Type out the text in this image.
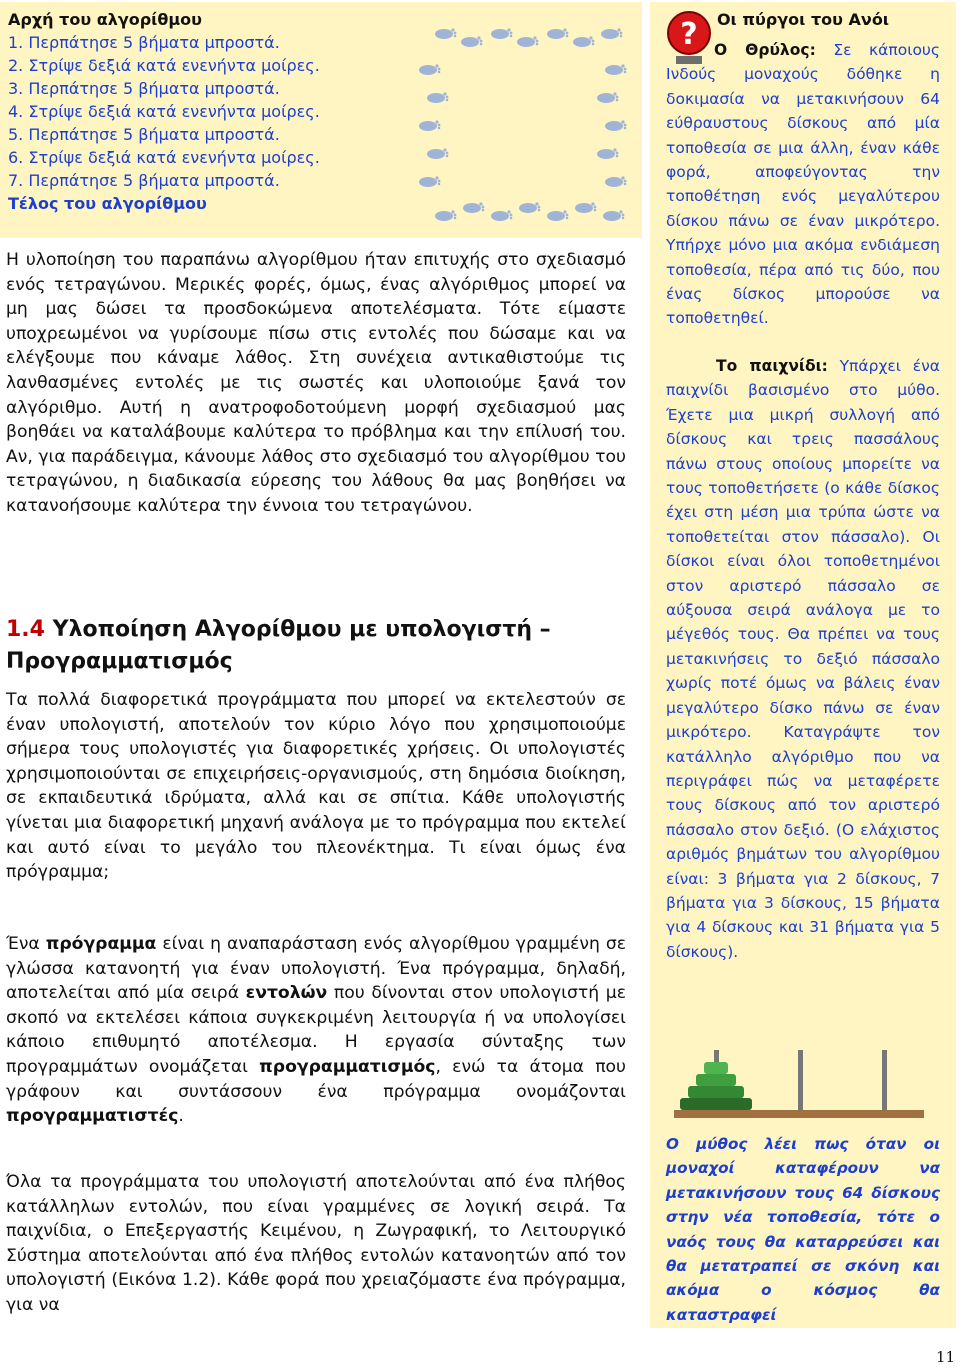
Αρχή του αλγορίθμου
1. Περπάτησε 5 βήματα μπροστά.
2. Στρίψε δεξιά κατά ενενήντα μοίρες.
3. Περπάτησε 5 βήματα μπροστά.
4. Στρίψε δεξιά κατά ενενήντα μοίρες.
5. Περπάτησε 5 βήματα μπροστά.
6. Στρίψε δεξιά κατά ενενήντα μοίρες.
7. Περπάτησε 5 βήματα μπροστά.
Τέλος του αλγορίθμου
Η υλοποίηση του παραπάνω αλγορίθμου ήταν επιτυχής στο σχεδιασμό ενός τετραγώνου. Μερικές φορές, όμως, ένας αλγόριθμος μπορεί να μη μας δώσει τα προσδοκώμενα αποτελέσματα. Τότε είμαστε υποχρεωμένοι να γυρίσουμε πίσω στις εντολές που δώσαμε και να ελέγξουμε που κάναμε λάθος. Στη συνέχεια αντικαθιστούμε τις λανθασμένες εντολές με τις σωστές και υλοποιούμε ξανά τον αλγόριθμο. Αυτή η ανατροφοδοτούμενη μορφή σχεδιασμού μας βοηθάει να καταλάβουμε καλύτερα το πρόβλημα και την επίλυσή του. Αν, για παράδειγμα, κάνουμε λάθος στο σχεδιασμό του αλγορίθμου του τετραγώνου, η διαδικασία εύρεσης του λάθους θα μας βοηθήσει να κατανοήσουμε καλύτερα την έννοια του τετραγώνου.
1.4 Υλοποίηση Αλγορίθμου με υπολογιστή – Προγραμματισμός
Τα πολλά διαφορετικά προγράμματα που μπορεί να εκτελεστούν σε έναν υπολογιστή, αποτελούν τον κύριο λόγο που χρησιμοποιούμε σήμερα τους υπολογιστές για διαφορετικές χρήσεις. Οι υπολογιστές χρησιμοποιούνται σε επιχειρήσεις-οργανισμούς, στη δημόσια διοίκηση, σε εκπαιδευτικά ιδρύματα, αλλά και σε σπίτια. Κάθε υπολογιστής γίνεται μια διαφορετική μηχανή ανάλογα με το πρόγραμμα που εκτελεί και αυτό είναι το μεγάλο του πλεονέκτημα. Τι είναι όμως ένα πρόγραμμα;
Ένα πρόγραμμα είναι η αναπαράσταση ενός αλγορίθμου γραμμένη σε γλώσσα κατανοητή για έναν υπολογιστή. Ένα πρόγραμμα, δηλαδή, αποτελείται από μία σειρά εντολών που δίνονται στον υπολογιστή με σκοπό να εκτελέσει κάποια συγκεκριμένη λειτουργία ή να υπολογίσει κάποιο επιθυμητό αποτέλεσμα. Η εργασία σύνταξης των προγραμμάτων ονομάζεται προγραμματισμός, ενώ τα άτομα που γράφουν και συντάσσουν ένα πρόγραμμα ονομάζονται προγραμματιστές.
Όλα τα προγράμματα του υπολογιστή αποτελούνται από ένα πλήθος κατάλληλων εντολών, που είναι γραμμένες σε λογική σειρά. Τα παιχνίδια, ο Επεξεργαστής Κειμένου, η Ζωγραφική, το Λειτουργικό Σύστημα αποτελούνται από ένα πλήθος εντολών κατανοητών από τον υπολογιστή (Εικόνα 1.2). Κάθε φορά που χρειαζόμαστε ένα πρόγραμμα, για να
?	Οι πύργοι του Ανόι
Ο Θρύλος: Σε κάποιους Ινδούς μοναχούς δόθηκε η δοκιμασία να μετακινήσουν 64 εύθραυστους δίσκους από μία τοποθεσία σε μια άλλη, έναν κάθε φορά, αποφεύγοντας την τοποθέτηση ενός μεγαλύτερου δίσκου πάνω σε έναν μικρότερο. Υπήρχε μόνο μια ακόμα ενδιάμεση τοποθεσία, πέρα από τις δύο, που ένας δίσκος μπορούσε να τοποθετηθεί.
Το παιχνίδι: Υπάρχει ένα παιχνίδι βασισμένο στο μύθο. Έχετε μια μικρή συλλογή από δίσκους και τρεις πασσάλους πάνω στους οποίους μπορείτε να τους τοποθετήσετε (ο κάθε δίσκος έχει στη μέση μια τρύπα ώστε να τοποθετείται στον πάσσαλο). Οι δίσκοι είναι όλοι τοποθετημένοι στον αριστερό πάσσαλο σε αύξουσα σειρά ανάλογα με το μέγεθός τους. Θα πρέπει να τους μετακινήσεις το δεξιό πάσσαλο χωρίς ποτέ όμως να βάλεις έναν μεγαλύτερο δίσκο πάνω σε έναν μικρότερο. Καταγράψτε τον κατάλληλο αλγόριθμο που να περιγράφει πώς να μεταφέρετε τους δίσκους από τον αριστερό πάσσαλο στον δεξιό. (Ο ελάχιστος αριθμός βημάτων του αλγορίθμου είναι: 3 βήματα για 2 δίσκους, 7 βήματα για 3 δίσκους, 15 βήματα για 4 δίσκους και 31 βήματα για 5 δίσκους).
Ο μύθος λέει πως όταν οι μοναχοί καταφέρουν να μετακινήσουν τους 64 δίσκους στην νέα τοποθεσία, τότε ο ναός τους θα καταρρεύσει και θα μετατραπεί σε σκόνη και ακόμα ο κόσμος θα καταστραφεί
11
